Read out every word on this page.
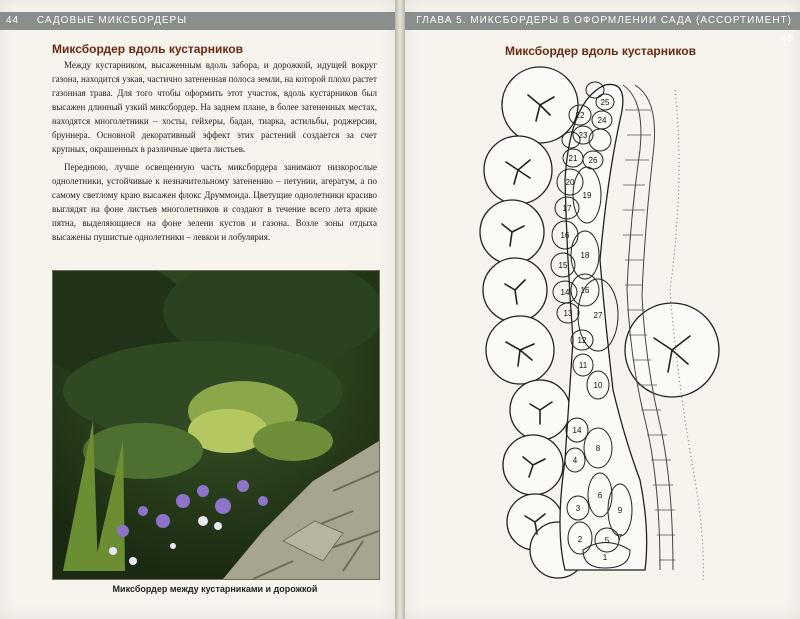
44 САДОВЫЕ МИКСБОРДЕРЫ
Миксбордер вдоль кустарников

Между кустарником, высаженным вдоль забора, и дорожкой, идущей вокруг газона, находится узкая, частично затененная полоса земли, на которой плохо растет газонная трава. Для того чтобы оформить этот участок, вдоль кустарников был высажен длинный узкий миксбордер. На заднем плане, в более затененных местах, находятся многолетники – хосты, гейхеры, бадан, тиарка, астильбы, роджерсии, бруннера. Основной декоративный эффект этих растений создается за счет крупных, окрашенных в различные цвета листьев.

Переднюю, лучше освещенную часть миксбордера занимают низкорослые однолетники, устойчивые к незначительному затенению – петунии, агератум, а по самому светлому краю высажен флокс Друммонда. Цветущие однолетники красиво выглядят на фоне листьев многолетников и создают в течение всего лета яркие пятна, выделяющиеся на фоне зелени кустов и газона. Возле зоны отдыха высажены пушистые однолетники – левкои и лобулярия.

Миксбордер между кустарниками и дорожкой
ГЛАВА 5. МИКСБОРДЕРЫ В ОФОРМЛЕНИИ САДА (АССОРТИМЕНТ) 45
Миксбордер вдоль кустарников
1
2
3
4
5
6
7
8
9
10
11
12
13
14
14
15
16
16
17
18
19
20
21
22
23
24
25
26
27
